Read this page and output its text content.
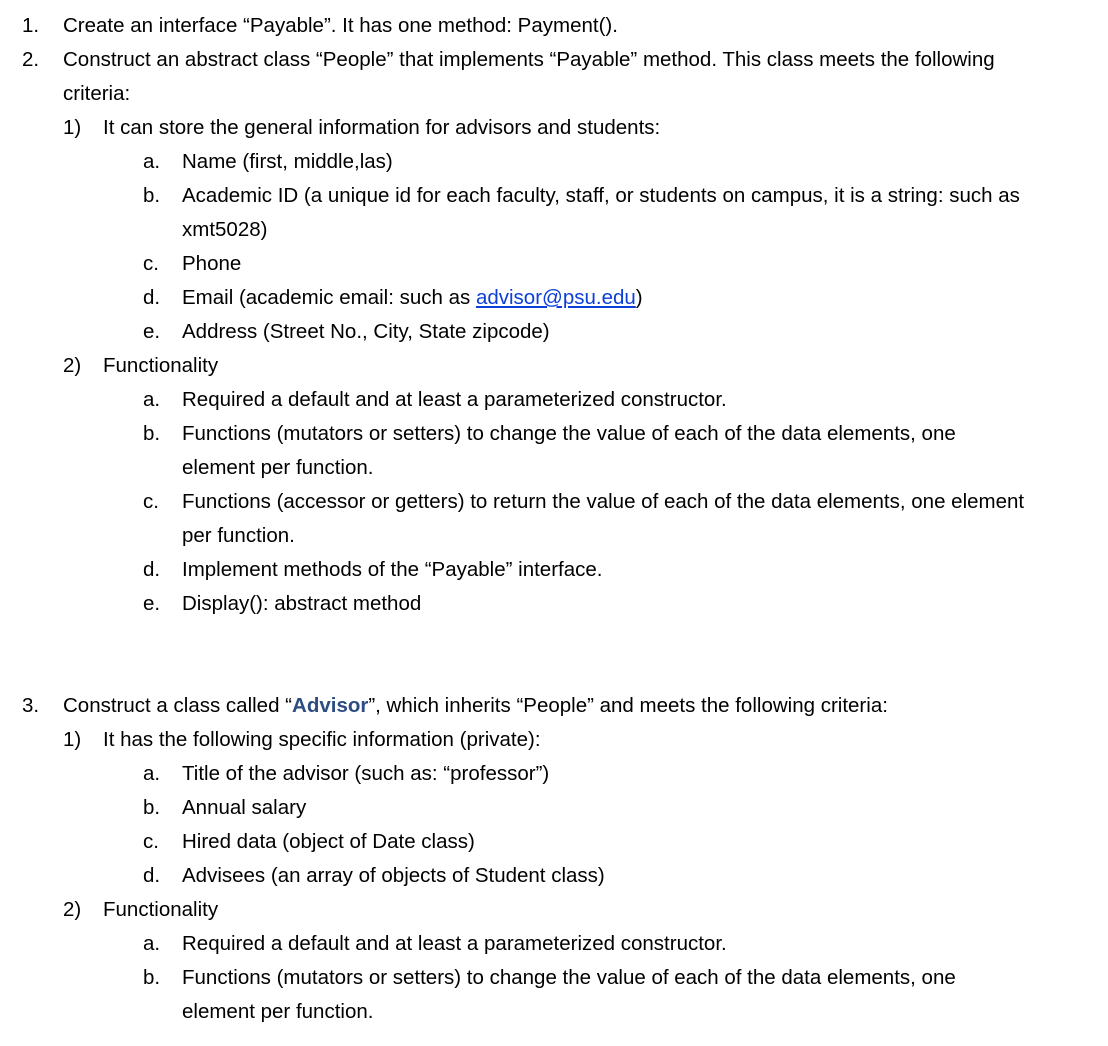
1. Create an interface “Payable”. It has one method: Payment().
2. Construct an abstract class “People” that implements “Payable” method. This class meets the following
criteria:
1) It can store the general information for advisors and students:
a. Name (first, middle,las)
b. Academic ID (a unique id for each faculty, staff, or students on campus, it is a string: such as
xmt5028)
c. Phone
d. Email (academic email: such as advisor@psu.edu)
e. Address (Street No., City, State zipcode)
2) Functionality
a. Required a default and at least a parameterized constructor.
b. Functions (mutators or setters) to change the value of each of the data elements, one
element per function.
c. Functions (accessor or getters) to return the value of each of the data elements, one element
per function.
d. Implement methods of the “Payable” interface.
e. Display(): abstract method
3. Construct a class called “Advisor”, which inherits “People” and meets the following criteria:
1) It has the following specific information (private):
a. Title of the advisor (such as: “professor”)
b. Annual salary
c. Hired data (object of Date class)
d. Advisees (an array of objects of Student class)
2) Functionality
a. Required a default and at least a parameterized constructor.
b. Functions (mutators or setters) to change the value of each of the data elements, one
element per function.
